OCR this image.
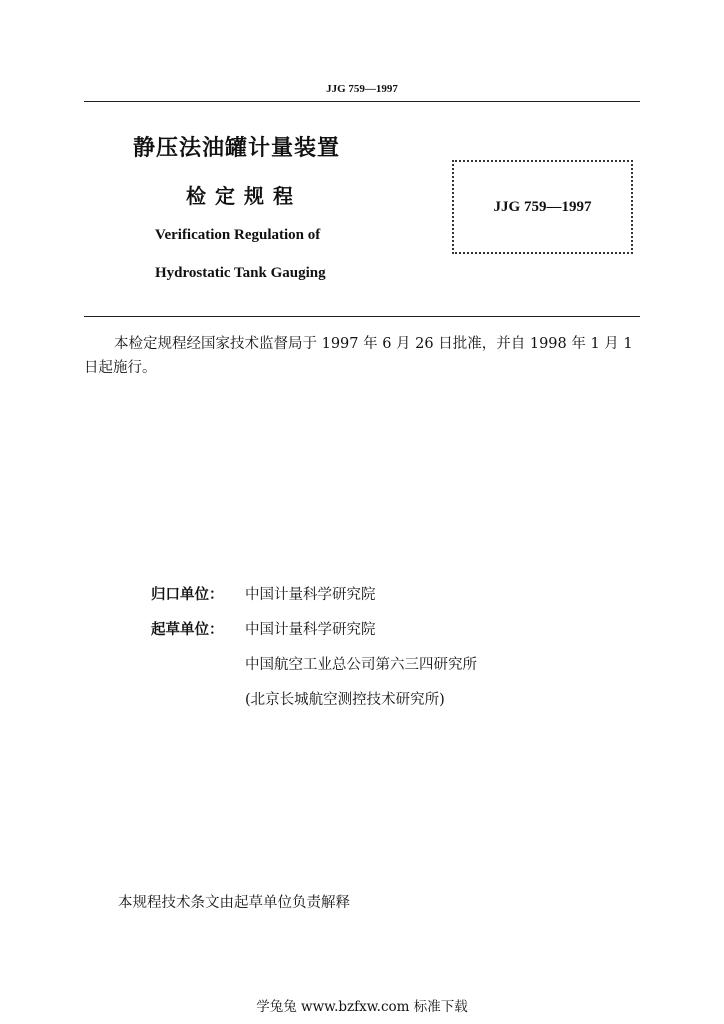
JJG 759—1997
静压法油罐计量装置
检定规程
Verification Regulation of
Hydrostatic Tank Gauging
JJG 759—1997
本检定规程经国家技术监督局于 1997 年 6 月 26 日批准，并自 1998 年 1 月 1 日起施行。
归口单位： 中国计量科学研究院
起草单位： 中国计量科学研究院
中国航空工业总公司第六三四研究所
(北京长城航空测控技术研究所)
本规程技术条文由起草单位负责解释
学兔兔 www.bzfxw.com 标准下载
